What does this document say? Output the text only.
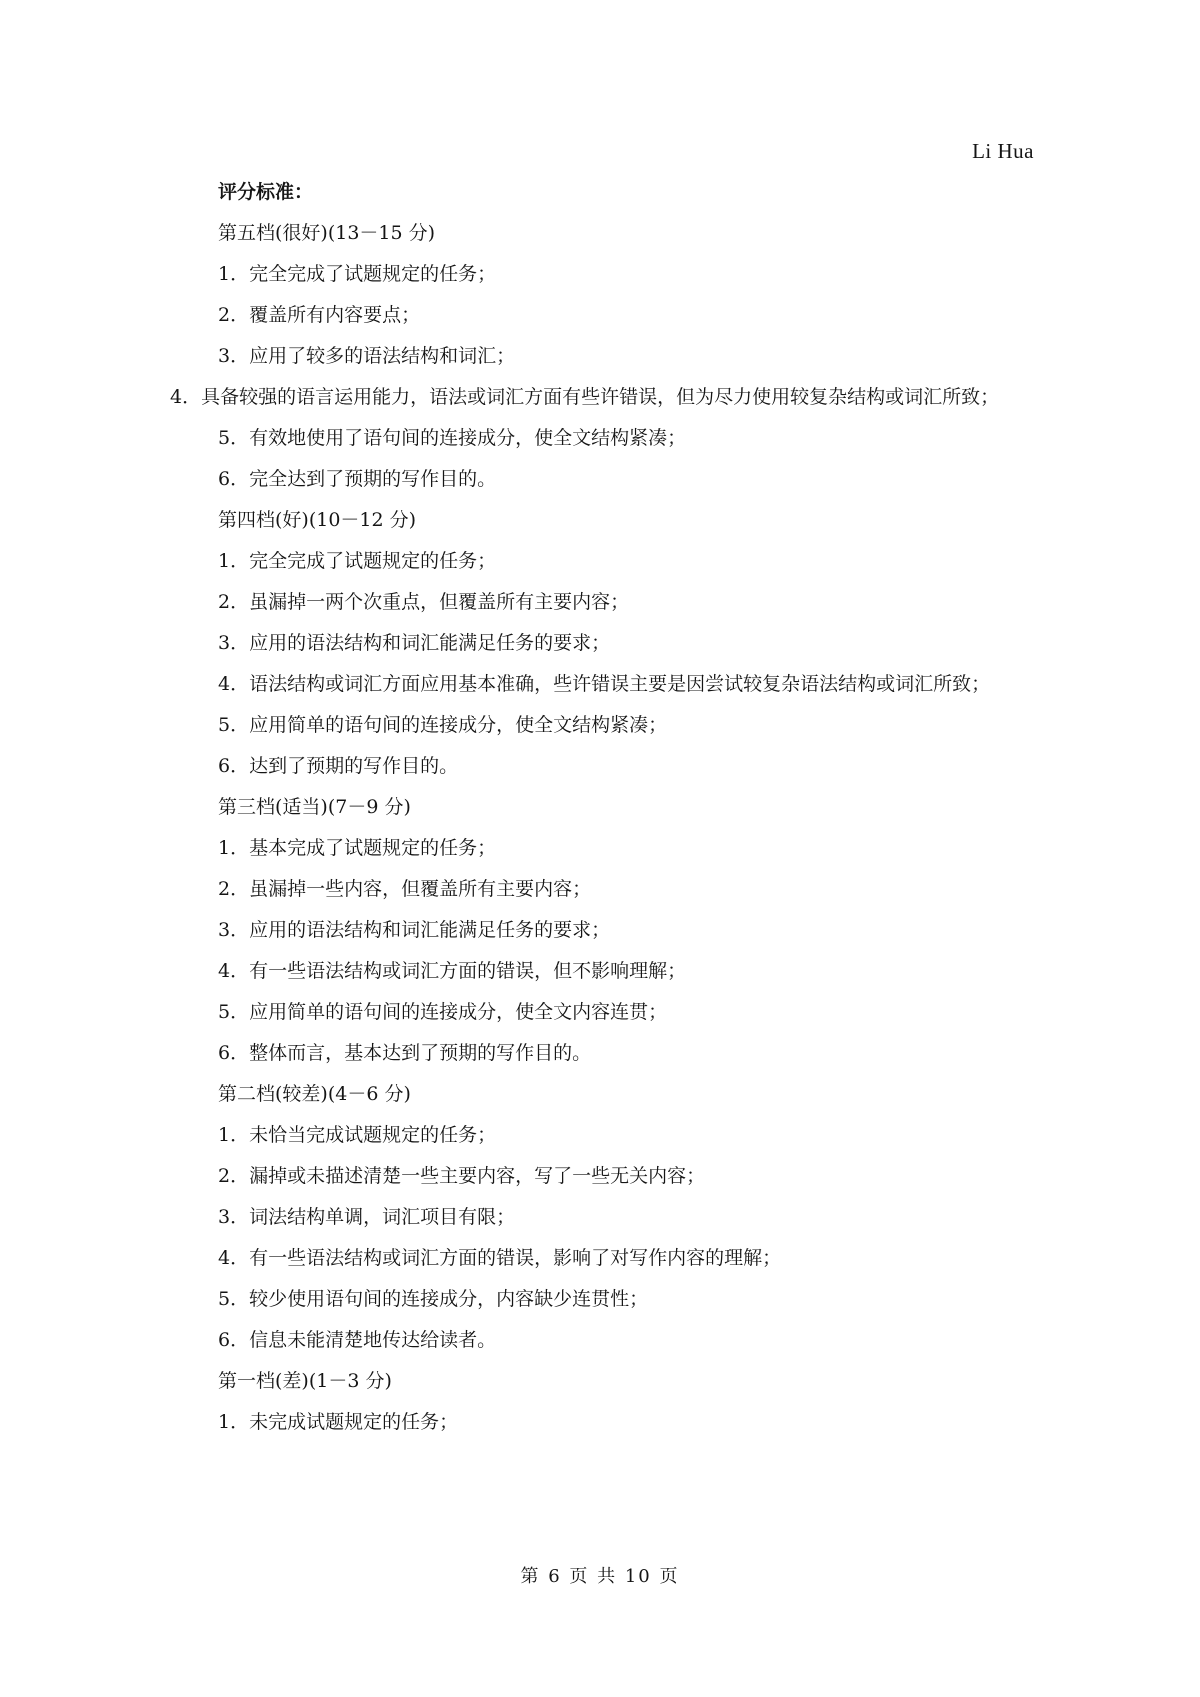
Li Hua
评分标准：
第五档(很好)(13－15 分)
1．完全完成了试题规定的任务；
2．覆盖所有内容要点；
3．应用了较多的语法结构和词汇；
4．具备较强的语言运用能力，语法或词汇方面有些许错误，但为尽力使用较复杂结构或词汇所致；
5．有效地使用了语句间的连接成分，使全文结构紧凑；
6．完全达到了预期的写作目的。
第四档(好)(10－12 分)
1．完全完成了试题规定的任务；
2．虽漏掉一两个次重点，但覆盖所有主要内容；
3．应用的语法结构和词汇能满足任务的要求；
4．语法结构或词汇方面应用基本准确，些许错误主要是因尝试较复杂语法结构或词汇所致；
5．应用简单的语句间的连接成分，使全文结构紧凑；
6．达到了预期的写作目的。
第三档(适当)(7－9 分)
1．基本完成了试题规定的任务；
2．虽漏掉一些内容，但覆盖所有主要内容；
3．应用的语法结构和词汇能满足任务的要求；
4．有一些语法结构或词汇方面的错误，但不影响理解；
5．应用简单的语句间的连接成分，使全文内容连贯；
6．整体而言，基本达到了预期的写作目的。
第二档(较差)(4－6 分)
1．未恰当完成试题规定的任务；
2．漏掉或未描述清楚一些主要内容，写了一些无关内容；
3．词法结构单调，词汇项目有限；
4．有一些语法结构或词汇方面的错误，影响了对写作内容的理解；
5．较少使用语句间的连接成分，内容缺少连贯性；
6．信息未能清楚地传达给读者。
第一档(差)(1－3 分)
1．未完成试题规定的任务；
第 6 页 共 10 页
